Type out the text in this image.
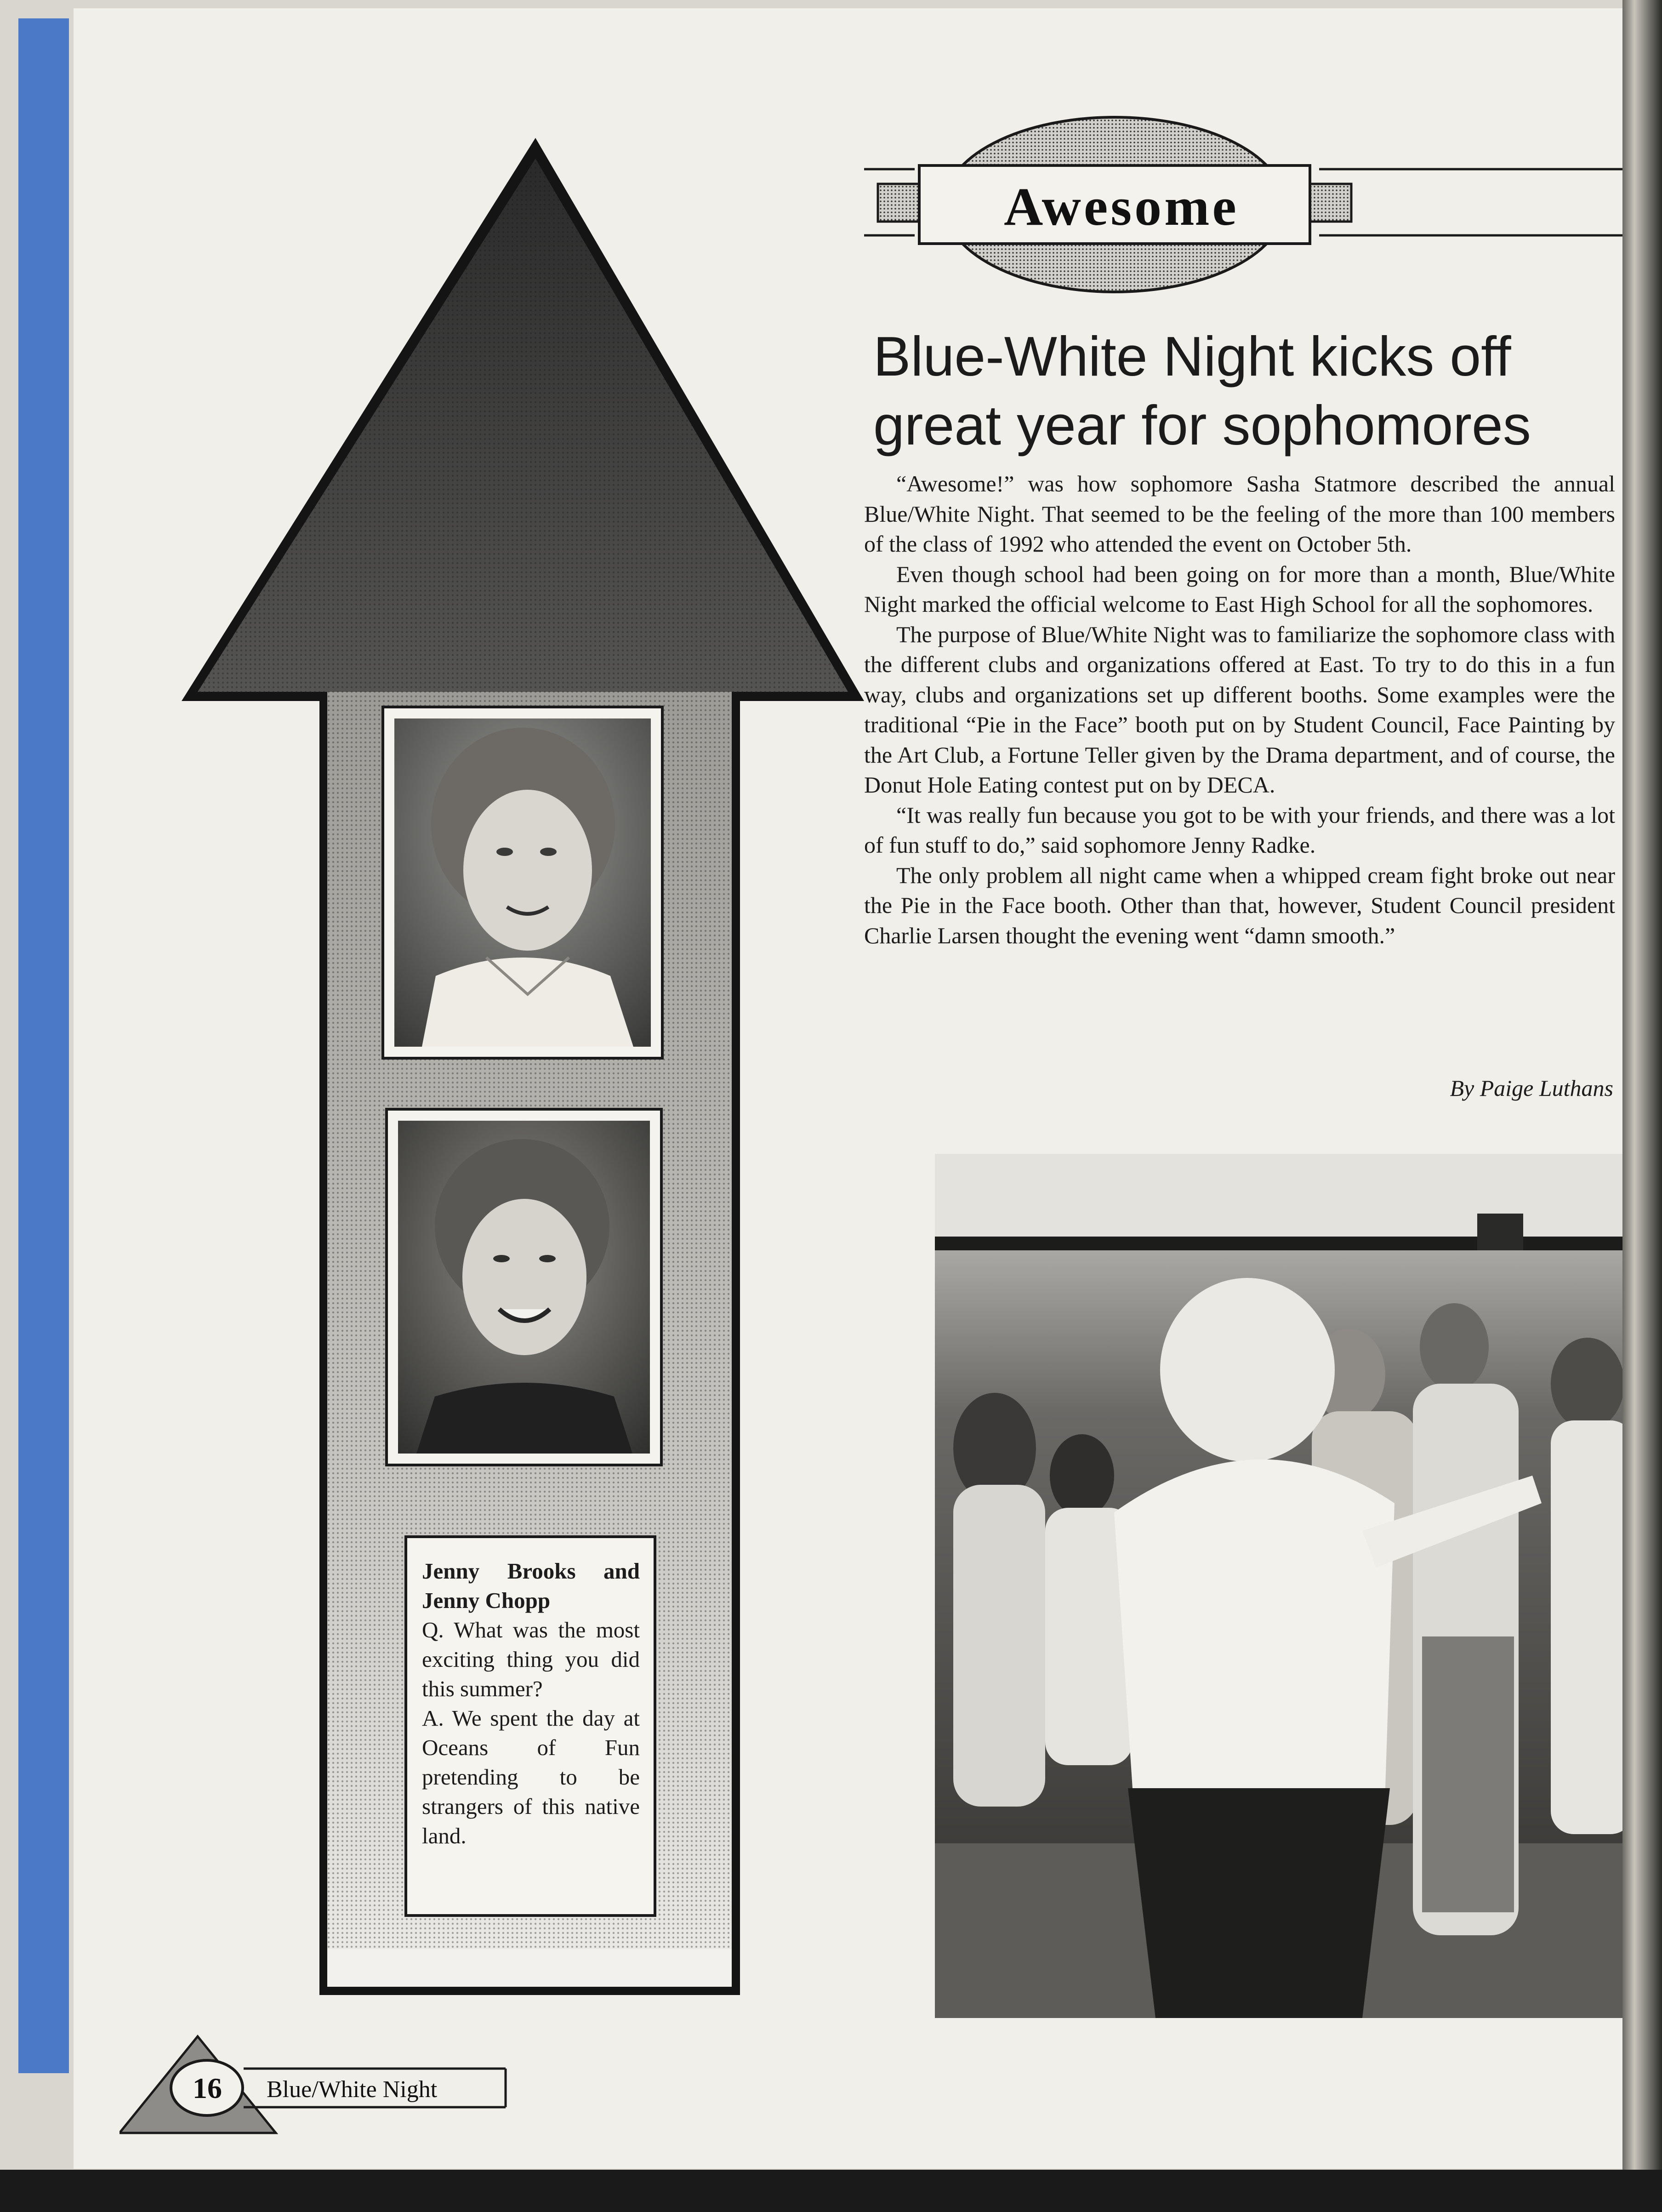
Jenny Brooks and Jenny Chopp

Q. What was the most exciting thing you did this summer?

A. We spent the day at Oceans of Fun pretending to be strangers of this native land.

Awesome
Blue-White Night kicks off
great year for sophomores

“Awesome!” was how sophomore Sasha Statmore described the annual Blue/White Night. That seemed to be the feeling of the more than 100 members of the class of 1992 who attended the event on October 5th.

Even though school had been going on for more than a month, Blue/White Night marked the official welcome to East High School for all the sophomores.

The purpose of Blue/White Night was to familiarize the sophomore class with the different clubs and organizations offered at East. To try to do this in a fun way, clubs and organizations set up different booths. Some examples were the traditional “Pie in the Face” booth put on by Student Council, Face Painting by the Art Club, a Fortune Teller given by the Drama department, and of course, the Donut Hole Eating contest put on by DECA.

“It was really fun because you got to be with your friends, and there was a lot of fun stuff to do,” said sophomore Jenny Radke.

The only problem all night came when a whipped cream fight broke out near the Pie in the Face booth. Other than that, however, Student Council president Charlie Larsen thought the evening went “damn smooth.”

By Paige Luthans
16	Blue/White Night
